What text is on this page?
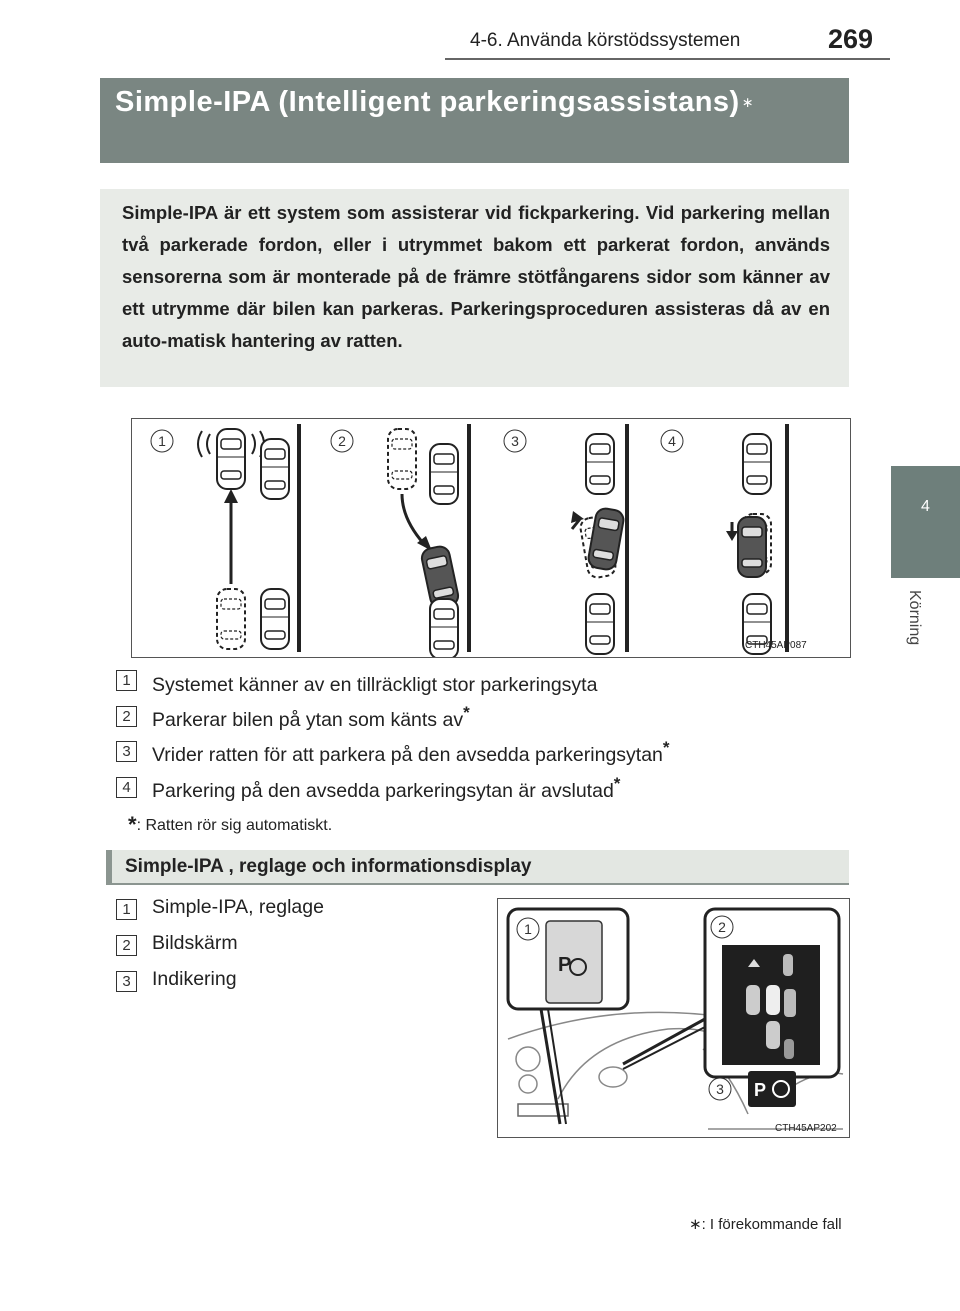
4-6. Använda körstödssystemen	269
4
Körning
Simple-IPA (Intelligent parkeringsassistans) ∗
Simple-IPA är ett system som assisterar vid fickparkering. Vid parkering mellan två parkerade fordon, eller i utrymmet bakom ett parkerat fordon, används sensorerna som är monterade på de främre stötfångarens sidor som känner av ett utrymme där bilen kan parkeras. Parkeringsproceduren assisteras då av en auto-matisk hantering av ratten.
1	2	3	4
CTH45AP087
1	Systemet känner av en tillräckligt stor parkeringsyta
2	Parkerar bilen på ytan som känts av*
3	Vrider ratten för att parkera på den avsedda parkeringsytan*
4	Parkering på den avsedda parkeringsytan är avslutad*
*: Ratten rör sig automatiskt.
Simple-IPA , reglage och informationsdisplay
1	Simple-IPA, reglage
2	Bildskärm
3	Indikering
1
P
2
3 P
CTH45AP202
∗: I förekommande fall
